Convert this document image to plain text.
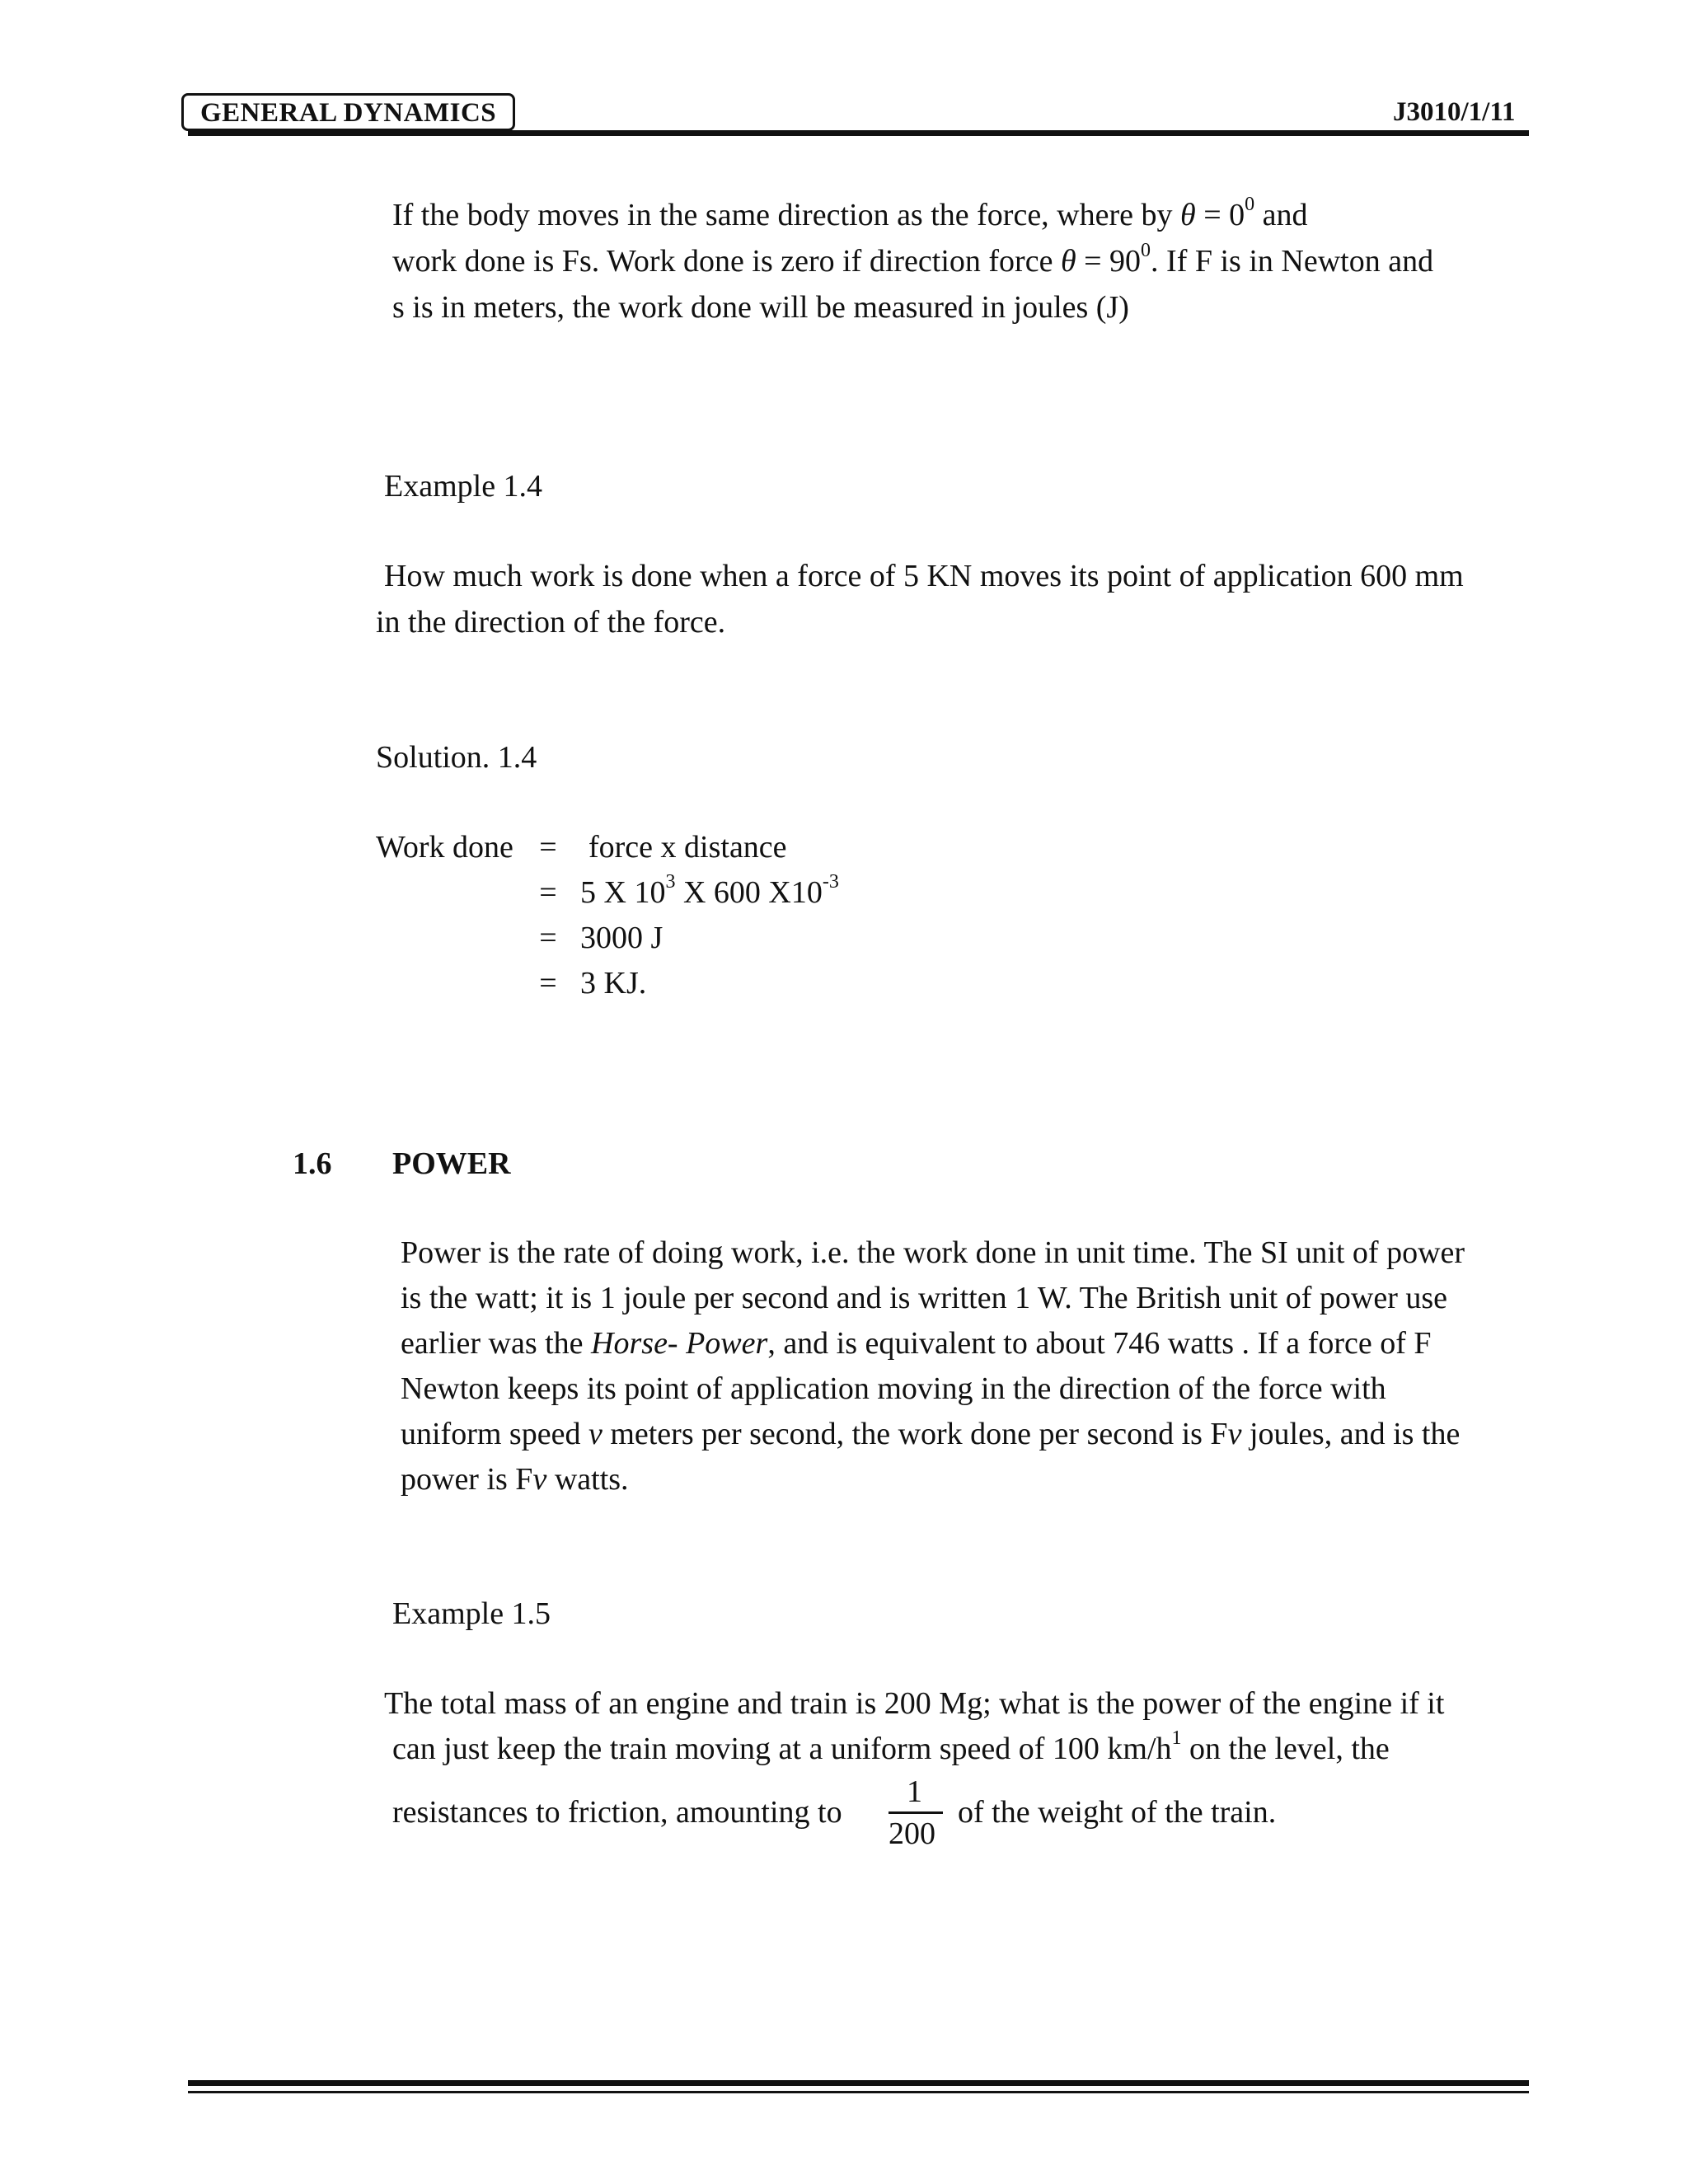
GENERAL DYNAMICS	J3010/1/11
If the body moves in the same direction as the force, where by $\theta = 0^0$ and
work done is Fs. Work done is zero if direction force $\theta = 90^0$. If F is in Newton and
s is in meters, the work done will be measured in joules (J)
Example 1.4
How much work is done when a force of 5 KN moves its point of application 600 mm
in the direction of the force.
Solution. 1.4
Work done = force x distance
= 5 X $10^3$ X 600 $X10^{-3}$
= 3000 J
= 3 KJ.
1.6 POWER
Power is the rate of doing work, i.e. the work done in unit time. The SI unit of power
is the watt; it is 1 joule per second and is written 1 W. The British unit of power use
earlier was the Horse- Power, and is equivalent to about 746 watts . If a force of F
Newton keeps its point of application moving in the direction of the force with
uniform speed v meters per second, the work done per second is Fv joules, and is the
power is Fv watts.
Example 1.5
The total mass of an engine and train is 200 Mg; what is the power of the engine if it
can just keep the train moving at a uniform speed of 100 $km/h^1$ on the level, the
resistances to friction, amounting to
1
200
of the weight of the train.
